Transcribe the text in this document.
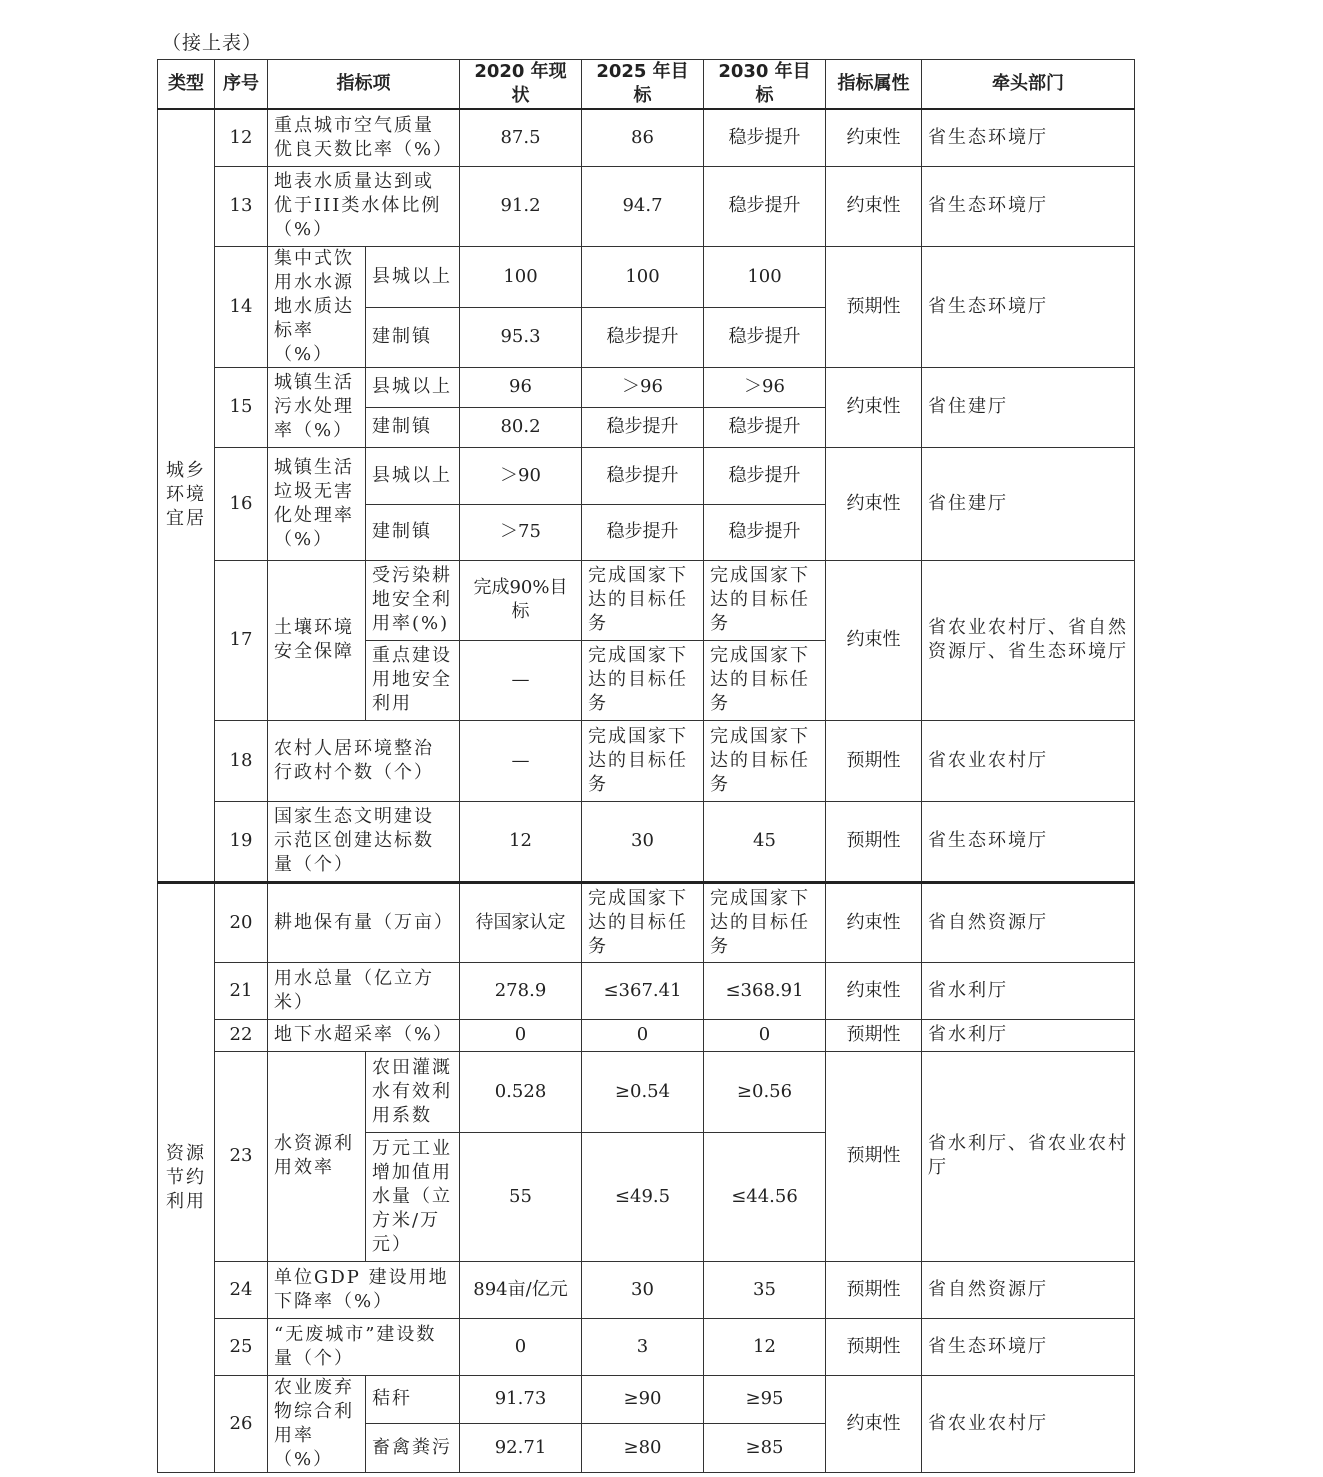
（接上表）
类型	序号	指标项		2020 年现状	2025 年目标	2030 年目标	指标属性	牵头部门
城乡环境宜居	12	重点城市空气质量优良天数比率（%）		87.5	86	稳步提升	约束性	省生态环境厅
	13	地表水质量达到或优于III类水体比例（%）		91.2	94.7	稳步提升	约束性	省生态环境厅
	14	集中式饮用水水源地水质达标率（%）	县城以上	100	100	100	预期性	省生态环境厅
			建制镇	95.3	稳步提升	稳步提升		
	15	城镇生活污水处理率（%）	县城以上	96	＞96	＞96	约束性	省住建厅
			建制镇	80.2	稳步提升	稳步提升		
	16	城镇生活垃圾无害化处理率（%）	县城以上	＞90	稳步提升	稳步提升	约束性	省住建厅
			建制镇	＞75	稳步提升	稳步提升		
	17	土壤环境安全保障	受污染耕地安全利用率(%)	完成90%目标	完成国家下达的目标任务	完成国家下达的目标任务	约束性	省农业农村厅、省自然资源厅、省生态环境厅
			重点建设用地安全利用	—	完成国家下达的目标任务	完成国家下达的目标任务		
	18	农村人居环境整治行政村个数（个）		—	完成国家下达的目标任务	完成国家下达的目标任务	预期性	省农业农村厅
	19	国家生态文明建设示范区创建达标数量（个）		12	30	45	预期性	省生态环境厅
资源节约利用	20	耕地保有量（万亩）		待国家认定	完成国家下达的目标任务	完成国家下达的目标任务	约束性	省自然资源厅
	21	用水总量（亿立方米）		278.9	≤367.41	≤368.91	约束性	省水利厅
	22	地下水超采率（%）		0	0	0	预期性	省水利厅
	23	水资源利用效率	农田灌溉水有效利用系数	0.528	≥0.54	≥0.56	预期性	省水利厅、省农业农村厅
			万元工业增加值用水量（立方米/万元）	55	≤49.5	≤44.56		
	24	单位GDP 建设用地下降率（%）		894亩/亿元	30	35	预期性	省自然资源厅
	25	“无废城市”建设数量（个）		0	3	12	预期性	省生态环境厅
	26	农业废弃物综合利用率（%）	秸秆	91.73	≥90	≥95	约束性	省农业农村厅
			畜禽粪污	92.71	≥80	≥85		
